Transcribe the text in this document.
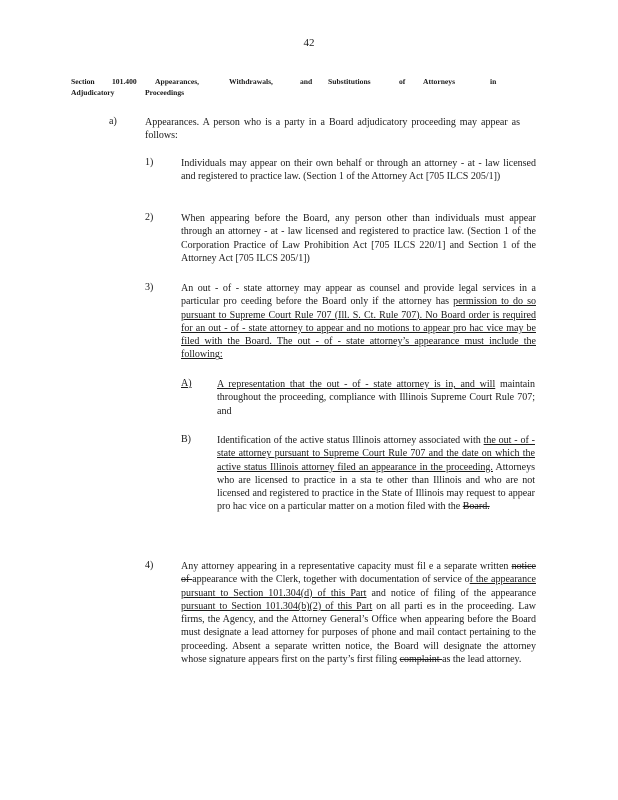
42
Section	101.400	Appearances,	Withdrawals,	and	Substitutions	of	Attorneys	in
Adjudicatory	Proceedings
a)	Appearances. A person who is a party in a Board adjudicatory proceeding may appear as follows:
1)	Individuals may appear on their own behalf or through an attorney - at - law licensed and registered to practice law. (Section 1 of the Attorney Act [705 ILCS 205/1])
2)	When appearing before the Board, any person other than individuals must appear through an attorney - at - law licensed and registered to practice law. (Section 1 of the Corporation Practice of Law Prohibition Act [705 ILCS 220/1] and Section 1 of the Attorney Act [705 ILCS 205/1])
3)	An out - of - state attorney may appear as counsel and provide legal services in a particular pro ceeding before the Board only if the attorney has permission to do so pursuant to Supreme Court Rule 707 (Ill. S. Ct. Rule 707). No Board order is required for an out - of - state attorney to appear and no motions to appear pro hac vice may be filed with the Board. The out - of - state attorney’s appearance must include the following:
A)	A representation that the out - of - state attorney is in, and will maintain throughout the proceeding, compliance with Illinois Supreme Court Rule 707; and
B)	Identification of the active status Illinois attorney associated with the out - of - state attorney pursuant to Supreme Court Rule 707 and the date on which the active status Illinois attorney filed an appearance in the proceeding. Attorneys who are licensed to practice in a sta te other than Illinois and who are not licensed and registered to practice in the State of Illinois may request to appear pro hac vice on a particular matter on a motion filed with the Board.
4)	Any attorney appearing in a representative capacity must fil e a separate written notice of appearance with the Clerk, together with documentation of service of the appearance pursuant to Section 101.304(d) of this Part and notice of filing of the appearance pursuant to Section 101.304(b)(2) of this Part on all parti es in the proceeding. Law firms, the Agency, and the Attorney General’s Office when appearing before the Board must designate a lead attorney for purposes of phone and mail contact pertaining to the proceeding. Absent a separate written notice, the Board will designate the attorney whose signature appears first on the party’s first filing complaint as the lead attorney.
